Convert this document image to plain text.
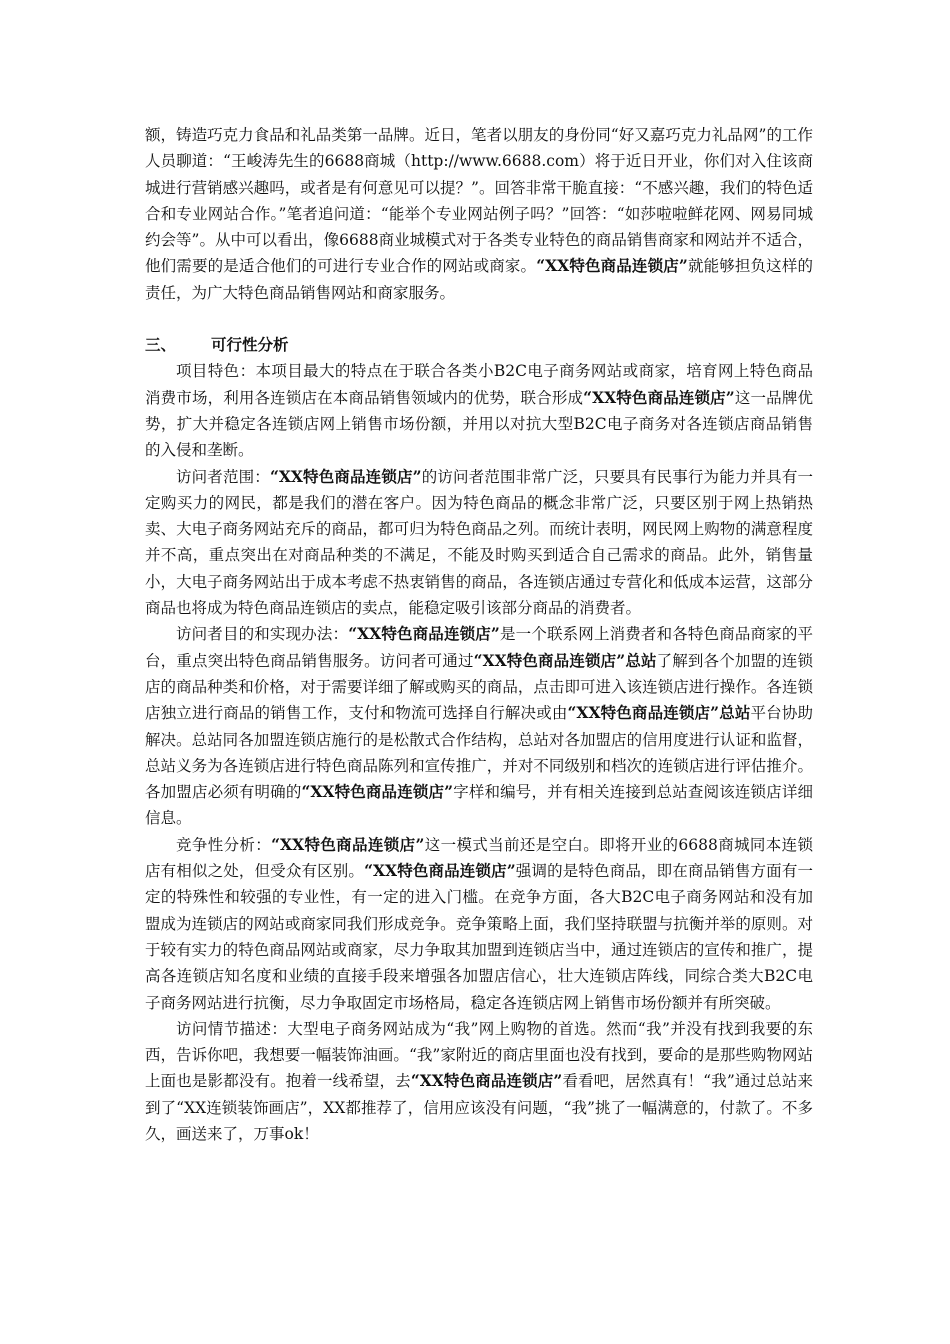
额，铸造巧克力食品和礼品类第一品牌。近日，笔者以朋友的身份同“好又嘉巧克力礼品网”的工作人员聊道：“王峻涛先生的6688商城（http://www.6688.com）将于近日开业，你们对入住该商城进行营销感兴趣吗，或者是有何意见可以提？”。回答非常干脆直接：“不感兴趣，我们的特色适合和专业网站合作。”笔者追问道：“能举个专业网站例子吗？”回答：“如莎啦啦鲜花网、网易同城约会等”。从中可以看出，像6688商业城模式对于各类专业特色的商品销售商家和网站并不适合，他们需要的是适合他们的可进行专业合作的网站或商家。“XX特色商品连锁店”就能够担负这样的责任，为广大特色商品销售网站和商家服务。

三、	可行性分析

项目特色：本项目最大的特点在于联合各类小B2C电子商务网站或商家，培育网上特色商品消费市场，利用各连锁店在本商品销售领域内的优势，联合形成“XX特色商品连锁店”这一品牌优势，扩大并稳定各连锁店网上销售市场份额，并用以对抗大型B2C电子商务对各连锁店商品销售的入侵和垄断。

访问者范围：“XX特色商品连锁店”的访问者范围非常广泛，只要具有民事行为能力并具有一定购买力的网民，都是我们的潜在客户。因为特色商品的概念非常广泛，只要区别于网上热销热卖、大电子商务网站充斥的商品，都可归为特色商品之列。而统计表明，网民网上购物的满意程度并不高，重点突出在对商品种类的不满足，不能及时购买到适合自己需求的商品。此外，销售量小，大电子商务网站出于成本考虑不热衷销售的商品，各连锁店通过专营化和低成本运营，这部分商品也将成为特色商品连锁店的卖点，能稳定吸引该部分商品的消费者。

访问者目的和实现办法：“XX特色商品连锁店”是一个联系网上消费者和各特色商品商家的平台，重点突出特色商品销售服务。访问者可通过“XX特色商品连锁店”总站了解到各个加盟的连锁店的商品种类和价格，对于需要详细了解或购买的商品，点击即可进入该连锁店进行操作。各连锁店独立进行商品的销售工作，支付和物流可选择自行解决或由“XX特色商品连锁店”总站平台协助解决。总站同各加盟连锁店施行的是松散式合作结构，总站对各加盟店的信用度进行认证和监督，总站义务为各连锁店进行特色商品陈列和宣传推广，并对不同级别和档次的连锁店进行评估推介。各加盟店必须有明确的“XX特色商品连锁店”字样和编号，并有相关连接到总站查阅该连锁店详细信息。

竞争性分析：“XX特色商品连锁店”这一模式当前还是空白。即将开业的6688商城同本连锁店有相似之处，但受众有区别。“XX特色商品连锁店”强调的是特色商品，即在商品销售方面有一定的特殊性和较强的专业性，有一定的进入门槛。在竞争方面，各大B2C电子商务网站和没有加盟成为连锁店的网站或商家同我们形成竞争。竞争策略上面，我们坚持联盟与抗衡并举的原则。对于较有实力的特色商品网站或商家，尽力争取其加盟到连锁店当中，通过连锁店的宣传和推广，提高各连锁店知名度和业绩的直接手段来增强各加盟店信心，壮大连锁店阵线，同综合类大B2C电子商务网站进行抗衡，尽力争取固定市场格局，稳定各连锁店网上销售市场份额并有所突破。

访问情节描述：大型电子商务网站成为“我”网上购物的首选。然而“我”并没有找到我要的东西，告诉你吧，我想要一幅装饰油画。“我”家附近的商店里面也没有找到，要命的是那些购物网站上面也是影都没有。抱着一线希望，去“XX特色商品连锁店”看看吧，居然真有！“我”通过总站来到了“XX连锁装饰画店”，XX都推荐了，信用应该没有问题，“我”挑了一幅满意的，付款了。不多久，画送来了，万事ok！
